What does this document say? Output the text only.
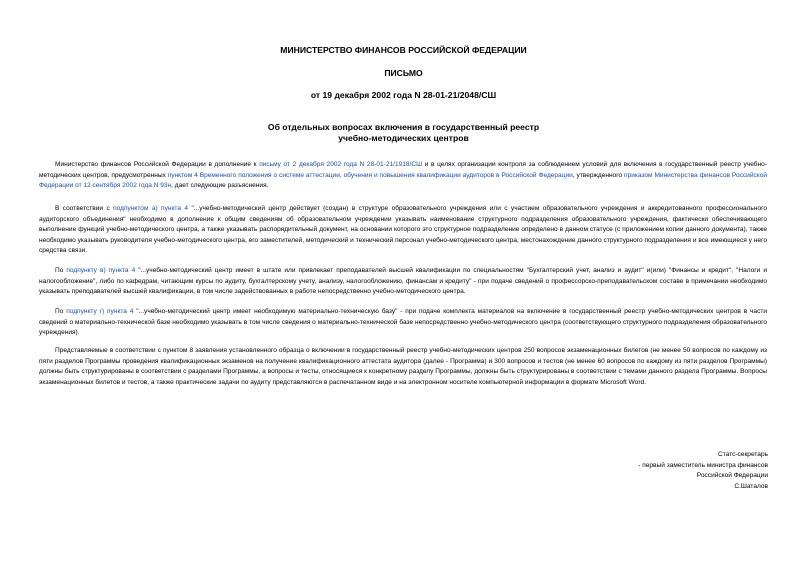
МИНИСТЕРСТВО ФИНАНСОВ РОССИЙСКОЙ ФЕДЕРАЦИИ
ПИСЬМО
от 19 декабря 2002 года N 28-01-21/2048/СШ
Об отдельных вопросах включения в государственный реестр
учебно-методических центров

Министерство финансов Российской Федерации в дополнение к письму от 2 декабря 2002 года N 28-01-21/1918/СШ и в целях организации контроля за соблюдением условий для включения в государственный реестр учебно-методических центров, предусмотренных пунктом 4 Временного положения о системе аттестации, обучения и повышения квалификации аудиторов в Российской Федерации, утвержденного приказом Министерства финансов Российской Федерации от 12 сентября 2002 года N 93н, дает следующие разъяснения.

В соответствии с подпунктом а) пункта 4 "...учебно-методический центр действует (создан) в структуре образовательного учреждения или с участием образовательного учреждения и аккредитованного профессионального аудиторского объединения" необходимо в дополнение к общим сведениям об образовательном учреждении указывать наименование структурного подразделения образовательного учреждения, фактически обеспечивающего выполнение функций учебно-методического центра, а также указывать распорядительный документ, на основании которого это структурное подразделение определено в данном статусе (с приложением копии данного документа), также необходимо указывать руководителя учебно-методического центра, его заместителей, методический и технический персонал учебно-методического центра, местонахождение данного структурного подразделения и все имеющиеся у него средства связи.

По подпункту в) пункта 4 "...учебно-методический центр имеет в штате или привлекает преподавателей высшей квалификации по специальностям "Бухгалтерский учет, анализ и аудит" и(или) "Финансы и кредит", "Налоги и налогообложение", либо по кафедрам, читающим курсы по аудиту, бухгалтерскому учету, анализу, налогообложению, финансам и кредиту" - при подаче сведений о профессорско-преподавательском составе в примечании необходимо указывать преподавателей высшей квалификации, в том числе задействованных в работе непосредственно учебно-методического центра.

По подпункту г) пункта 4 "...учебно-методический центр имеет необходимую материально-техническую базу" - при подаче комплекта материалов на включение в государственный реестр учебно-методических центров в части сведений о материально-технической базе необходимо указывать в том числе сведения о материально-технической базе непосредственно учебно-методического центра (соответствующего структурного подразделения образовательного учреждения).

Представляемые в соответствии с пунктом 8 заявления установленного образца о включении в государственный реестр учебно-методических центров 250 вопросов экзаменационных билетов (не менее 50 вопросов по каждому из пяти разделов Программы проведения квалификационных экзаменов на получение квалификационного аттестата аудитора (далее - Программа) и 300 вопросов и тестов (не менее 60 вопросов по каждому из пяти разделов Программы) должны быть структурированы в соответствии с разделами Программы, а вопросы и тесты, относящиеся к конкретному разделу Программы, должны быть структурированы в соответствии с темами данного раздела Программы. Вопросы экзаменационных билетов и тестов, а также практические задачи по аудиту представляются в распечатанном виде и на электронном носителе компьютерной информации в формате Microsoft Word.

Статс-секретарь
- первый заместитель министра финансов
Российской Федерации
С.Шаталов
